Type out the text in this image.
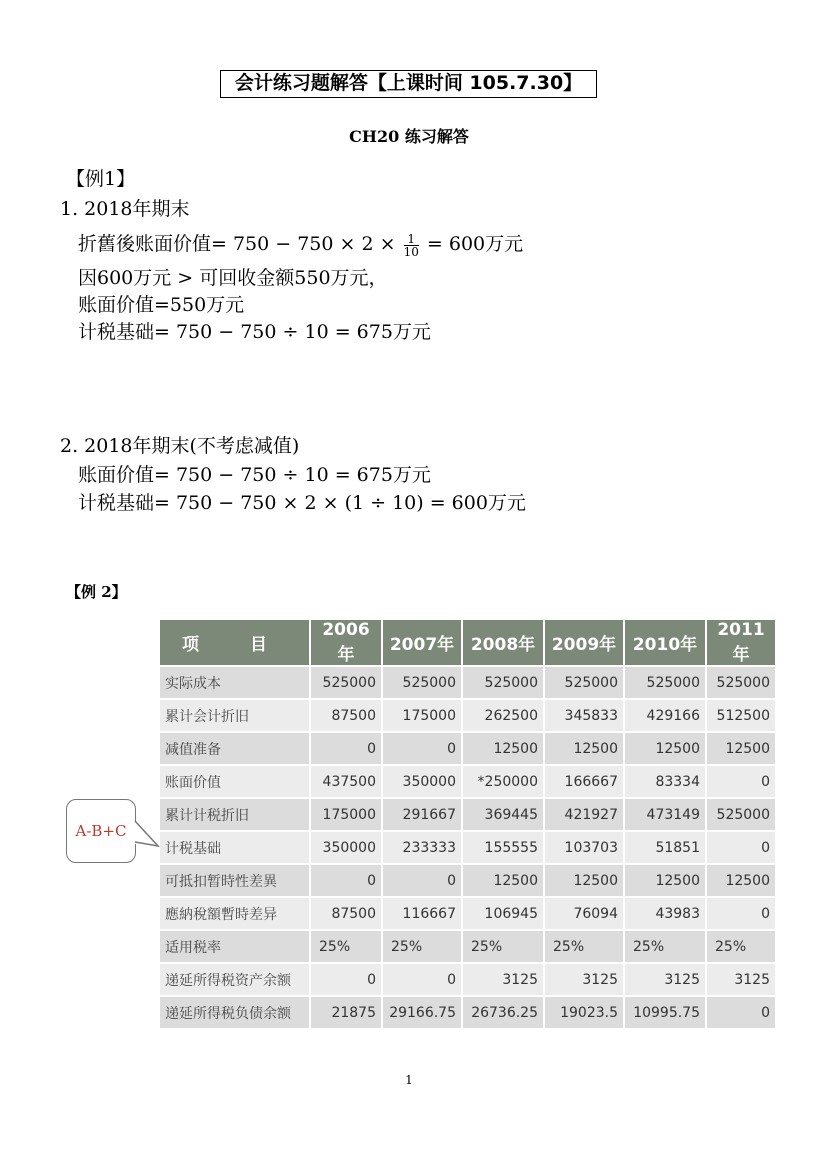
会计练习题解答【上课时间 105.7.30】
CH20 练习解答
【例1】
1. 2018年期末
折舊後账面价值= $750 - 750 \times 2 \times \frac{1}{10} = 600$万元
因600万元 > 可回收金额550万元，
账面价值=550万元
计税基础= 750 − 750 ÷ 10 = 675万元
2. 2018年期末(不考虑减值)
账面价值= 750 − 750 ÷ 10 = 675万元
计税基础= 750 − 750 × 2 × (1 ÷ 10) = 600万元
【例 2】
项　　　目	2006年	2007年	2008年	2009年	2010年	2011年
实际成本	525000	525000	525000	525000	525000	525000
累计会计折旧	87500	175000	262500	345833	429166	512500
减值准备	0	0	12500	12500	12500	12500
账面价值	437500	350000	*250000	166667	83334	0
累计计税折旧	175000	291667	369445	421927	473149	525000
计税基础	350000	233333	155555	103703	51851	0
可抵扣暂時性差異	0	0	12500	12500	12500	12500
應納稅額暫時差异	87500	116667	106945	76094	43983	0
适用税率	25%	25%	25%	25%	25%	25%
递延所得税资产余额	0	0	3125	3125	3125	3125
递延所得税负债余额	21875	29166.75	26736.25	19023.5	10995.75	0
A-B+C
1
